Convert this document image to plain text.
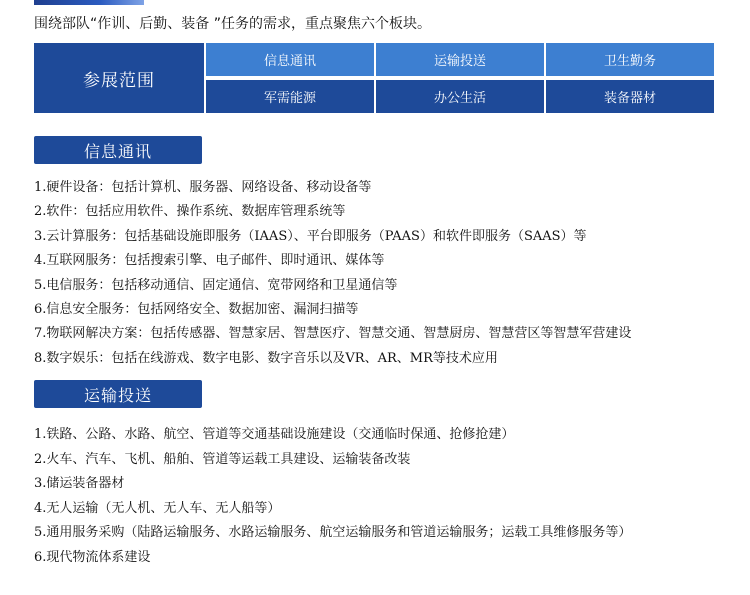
围绕部队“作训、后勤、装备 ”任务的需求，重点聚焦六个板块。
参展范围
信息通讯	运输投送	卫生勤务
军需能源	办公生活	装备器材
信息通讯
1.硬件设备：包括计算机、服务器、网络设备、移动设备等
2.软件：包括应用软件、操作系统、数据库管理系统等
3.云计算服务：包括基础设施即服务（IAAS）、平台即服务（PAAS）和软件即服务（SAAS）等
4.互联网服务：包括搜索引擎、电子邮件、即时通讯、媒体等
5.电信服务：包括移动通信、固定通信、宽带网络和卫星通信等
6.信息安全服务：包括网络安全、数据加密、漏洞扫描等
7.物联网解决方案：包括传感器、智慧家居、智慧医疗、智慧交通、智慧厨房、智慧营区等智慧军营建设
8.数字娱乐：包括在线游戏、数字电影、数字音乐以及VR、AR、MR等技术应用
运输投送
1.铁路、公路、水路、航空、管道等交通基础设施建设（交通临时保通、抢修抢建）
2.火车、汽车、飞机、船舶、管道等运载工具建设、运输装备改装
3.储运装备器材
4.无人运输（无人机、无人车、无人船等）
5.通用服务采购（陆路运输服务、水路运输服务、航空运输服务和管道运输服务；运载工具维修服务等）
6.现代物流体系建设
